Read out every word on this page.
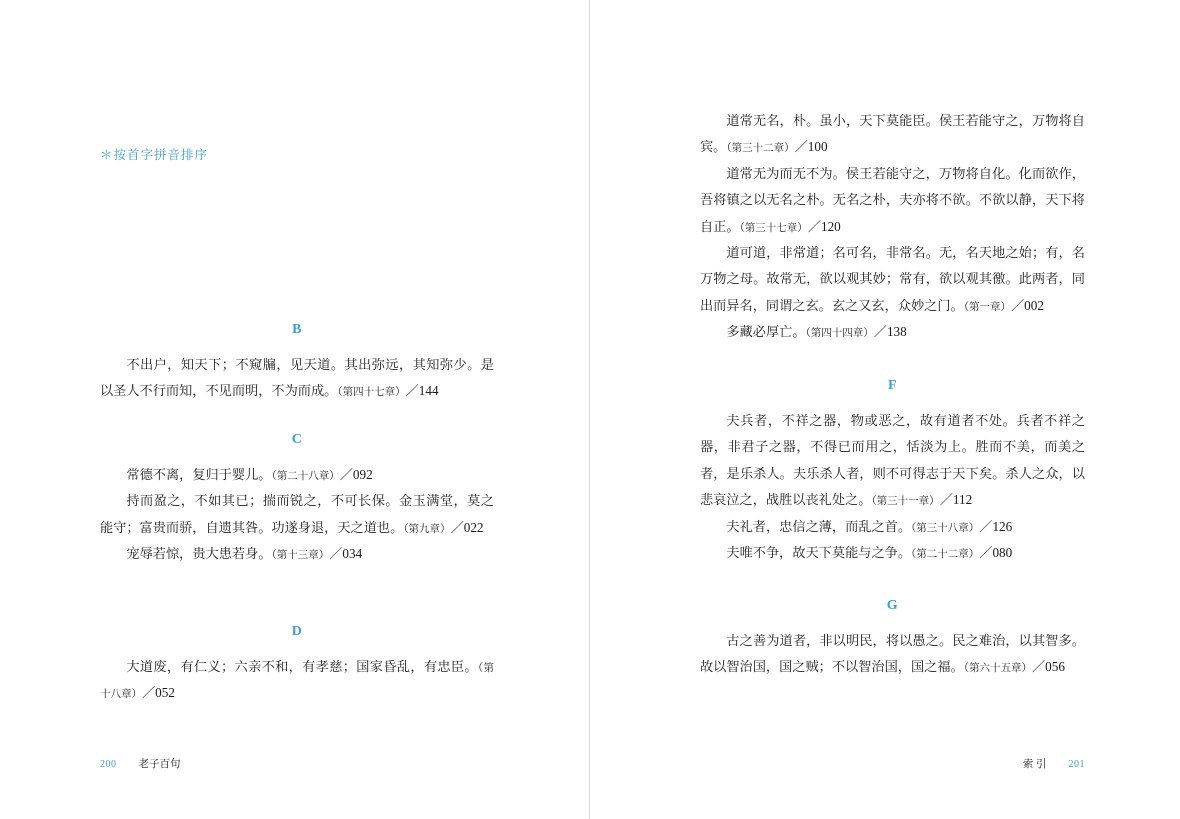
＊按首字拼音排序
B

不出户，知天下；不窥牖，见天道。其出弥远，其知弥少。是以圣人不行而知，不见而明，不为而成。（第四十七章）／144

C

常德不离，复归于婴儿。（第二十八章）／092

持而盈之，不如其已；揣而锐之，不可长保。金玉满堂，莫之能守；富贵而骄，自遗其咎。功遂身退，天之道也。（第九章）／022

宠辱若惊，贵大患若身。（第十三章）／034

D

大道废，有仁义；六亲不和，有孝慈；国家昏乱，有忠臣。（第十八章）／052

200 老子百句

道常无名，朴。虽小，天下莫能臣。侯王若能守之，万物将自宾。（第三十二章）／100

道常无为而无不为。侯王若能守之，万物将自化。化而欲作，吾将镇之以无名之朴。无名之朴，夫亦将不欲。不欲以静，天下将自正。（第三十七章）／120

道可道，非常道；名可名，非常名。无，名天地之始；有，名万物之母。故常无，欲以观其妙；常有，欲以观其徼。此两者，同出而异名，同谓之玄。玄之又玄，众妙之门。（第一章）／002

多藏必厚亡。（第四十四章）／138

F

夫兵者，不祥之器，物或恶之，故有道者不处。兵者不祥之器，非君子之器，不得已而用之，恬淡为上。胜而不美，而美之者，是乐杀人。夫乐杀人者，则不可得志于天下矣。杀人之众，以悲哀泣之，战胜以丧礼处之。（第三十一章）／112

夫礼者，忠信之薄，而乱之首。（第三十八章）／126

夫唯不争，故天下莫能与之争。（第二十二章）／080

G

古之善为道者，非以明民，将以愚之。民之难治，以其智多。故以智治国，国之贼；不以智治国，国之福。（第六十五章）／056

索 引 201
